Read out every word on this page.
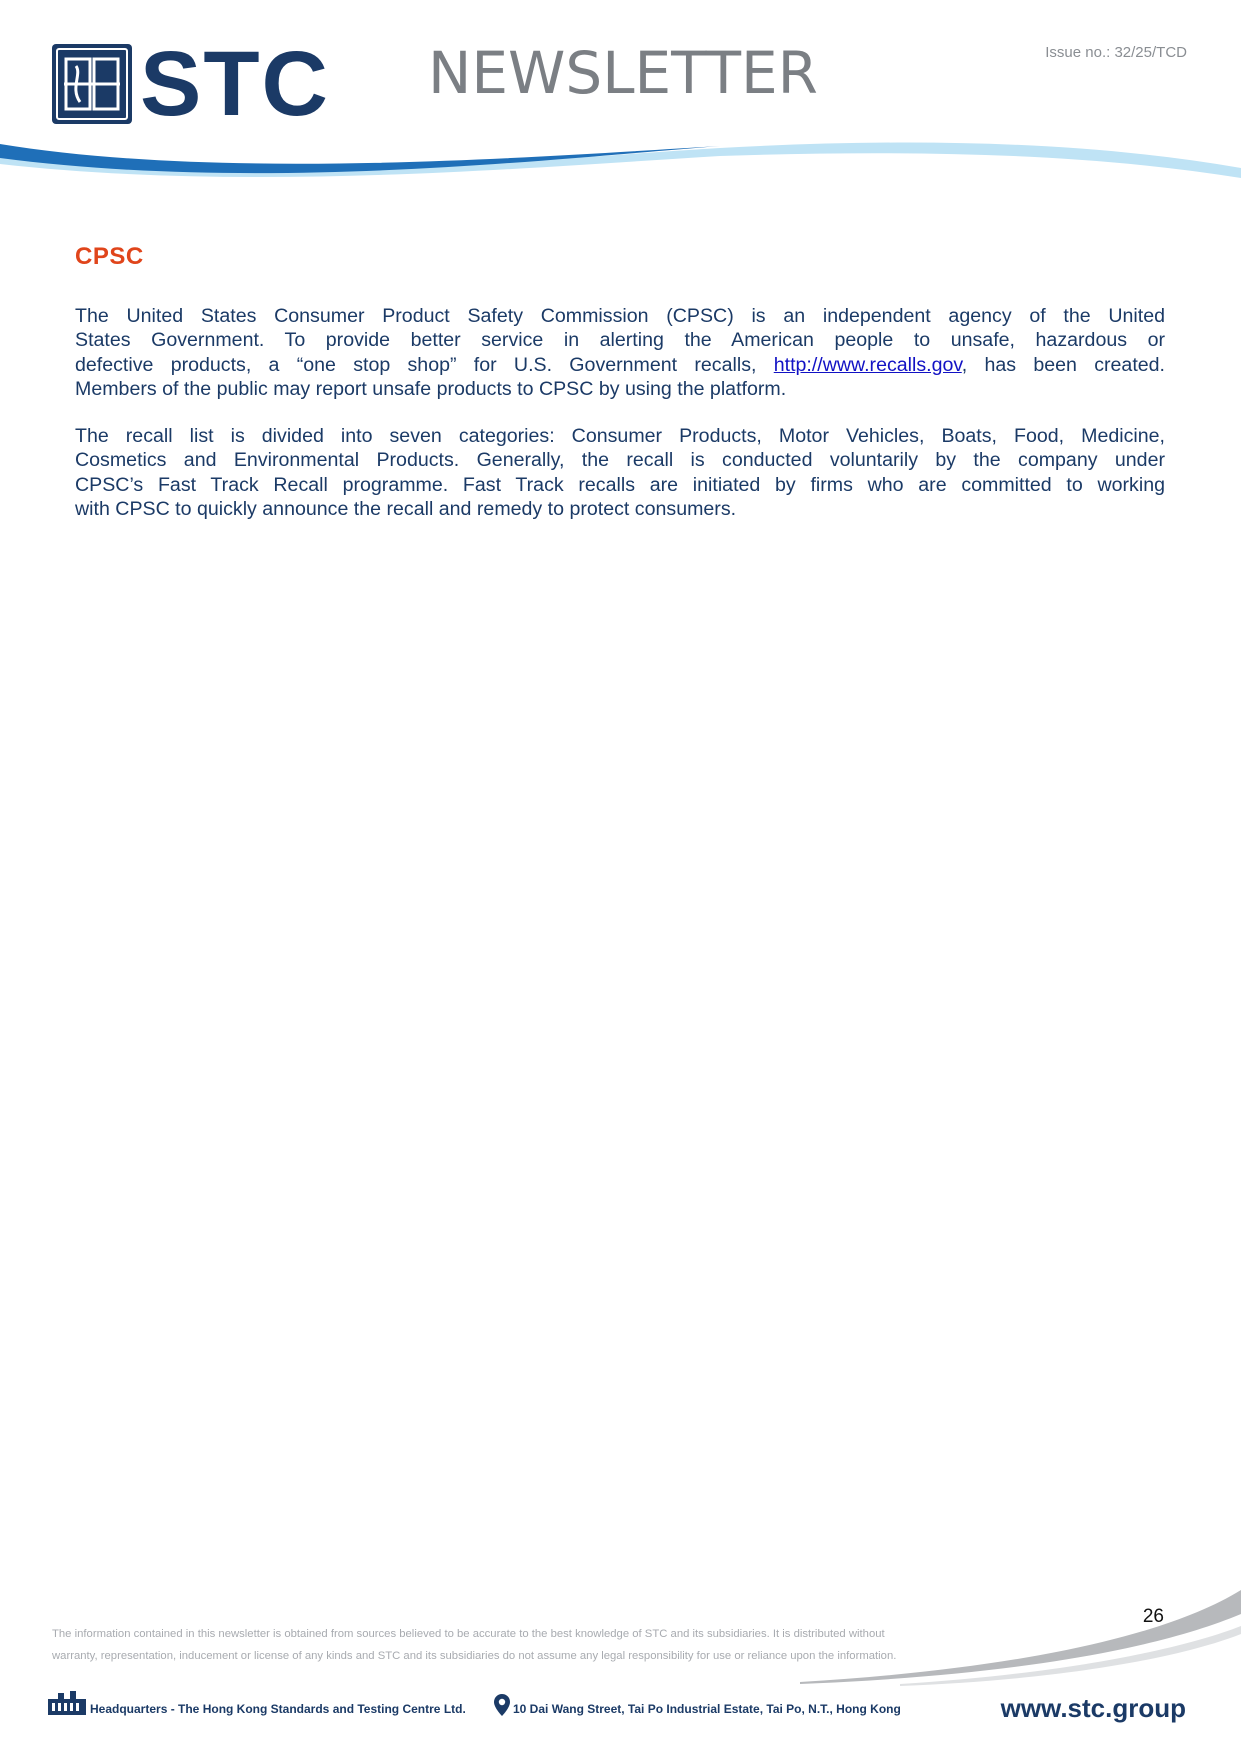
STC NEWSLETTER	Issue no.: 32/25/TCD
CPSC
The United States Consumer Product Safety Commission (CPSC) is an independent agency of the United
States Government. To provide better service in alerting the American people to unsafe, hazardous or
defective products, a “one stop shop” for U.S. Government recalls, http://www.recalls.gov, has been created.
Members of the public may report unsafe products to CPSC by using the platform.
The recall list is divided into seven categories: Consumer Products, Motor Vehicles, Boats, Food, Medicine,
Cosmetics and Environmental Products. Generally, the recall is conducted voluntarily by the company under
CPSC’s Fast Track Recall programme. Fast Track recalls are initiated by firms who are committed to working
with CPSC to quickly announce the recall and remedy to protect consumers.
26
The information contained in this newsletter is obtained from sources believed to be accurate to the best knowledge of STC and its subsidiaries. It is distributed without
warranty, representation, inducement or license of any kinds and STC and its subsidiaries do not assume any legal responsibility for use or reliance upon the information.
Headquarters - The Hong Kong Standards and Testing Centre Ltd.	10 Dai Wang Street, Tai Po Industrial Estate, Tai Po, N.T., Hong Kong	www.stc.group
